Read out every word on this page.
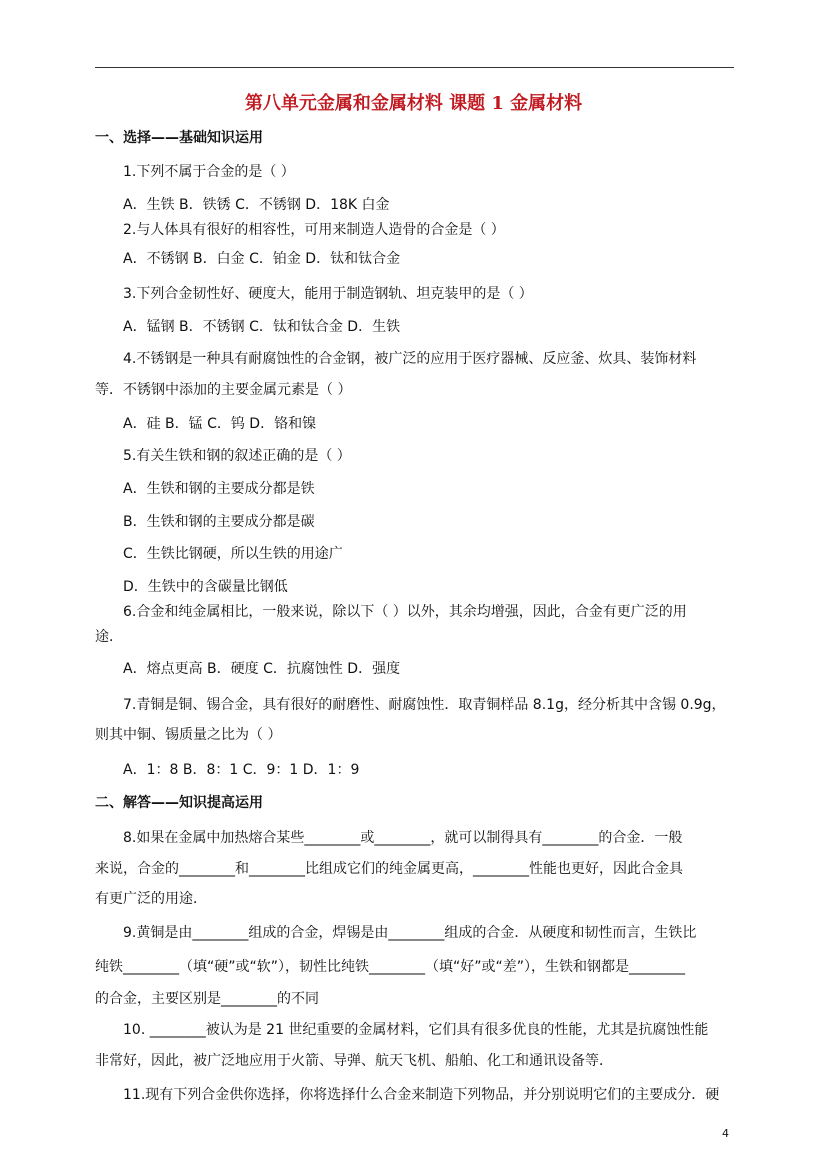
第八单元金属和金属材料 课题 1 金属材料
一、选择——基础知识运用
1.下列不属于合金的是（ ）
A．生铁 B．铁锈 C．不锈钢 D．18K 白金
2.与人体具有很好的相容性，可用来制造人造骨的合金是（ ）
A．不锈钢 B．白金 C．铂金 D．钛和钛合金
3.下列合金韧性好、硬度大，能用于制造钢轨、坦克装甲的是（ ）
A．锰钢 B．不锈钢 C．钛和钛合金 D．生铁
4.不锈钢是一种具有耐腐蚀性的合金钢，被广泛的应用于医疗器械、反应釜、炊具、装饰材料
等．不锈钢中添加的主要金属元素是（ ）
A．硅 B．锰 C．钨 D．铬和镍
5.有关生铁和钢的叙述正确的是（ ）
A．生铁和钢的主要成分都是铁
B．生铁和钢的主要成分都是碳
C．生铁比钢硬，所以生铁的用途广
D．生铁中的含碳量比钢低
6.合金和纯金属相比，一般来说，除以下（ ）以外，其余均增强，因此，合金有更广泛的用
途．
A．熔点更高 B．硬度 C．抗腐蚀性 D．强度
7.青铜是铜、锡合金，具有很好的耐磨性、耐腐蚀性．取青铜样品 8.1g，经分析其中含锡 0.9g，
则其中铜、锡质量之比为（ ）
A．1：8 B．8：1 C．9：1 D．1：9
二、解答——知识提高运用
8.如果在金属中加热熔合某些________或________，就可以制得具有________的合金．一般
来说，合金的________和________比组成它们的纯金属更高，________性能也更好，因此合金具
有更广泛的用途．
9.黄铜是由________组成的合金，焊锡是由________组成的合金．从硬度和韧性而言，生铁比
纯铁________（填“硬”或“软”），韧性比纯铁________（填“好”或“差”），生铁和钢都是________
的合金，主要区别是________的不同
10. ________被认为是 21 世纪重要的金属材料，它们具有很多优良的性能，尤其是抗腐蚀性能
非常好，因此，被广泛地应用于火箭、导弹、航天飞机、船舶、化工和通讯设备等．
11.现有下列合金供你选择，你将选择什么合金来制造下列物品，并分别说明它们的主要成分．硬
4
